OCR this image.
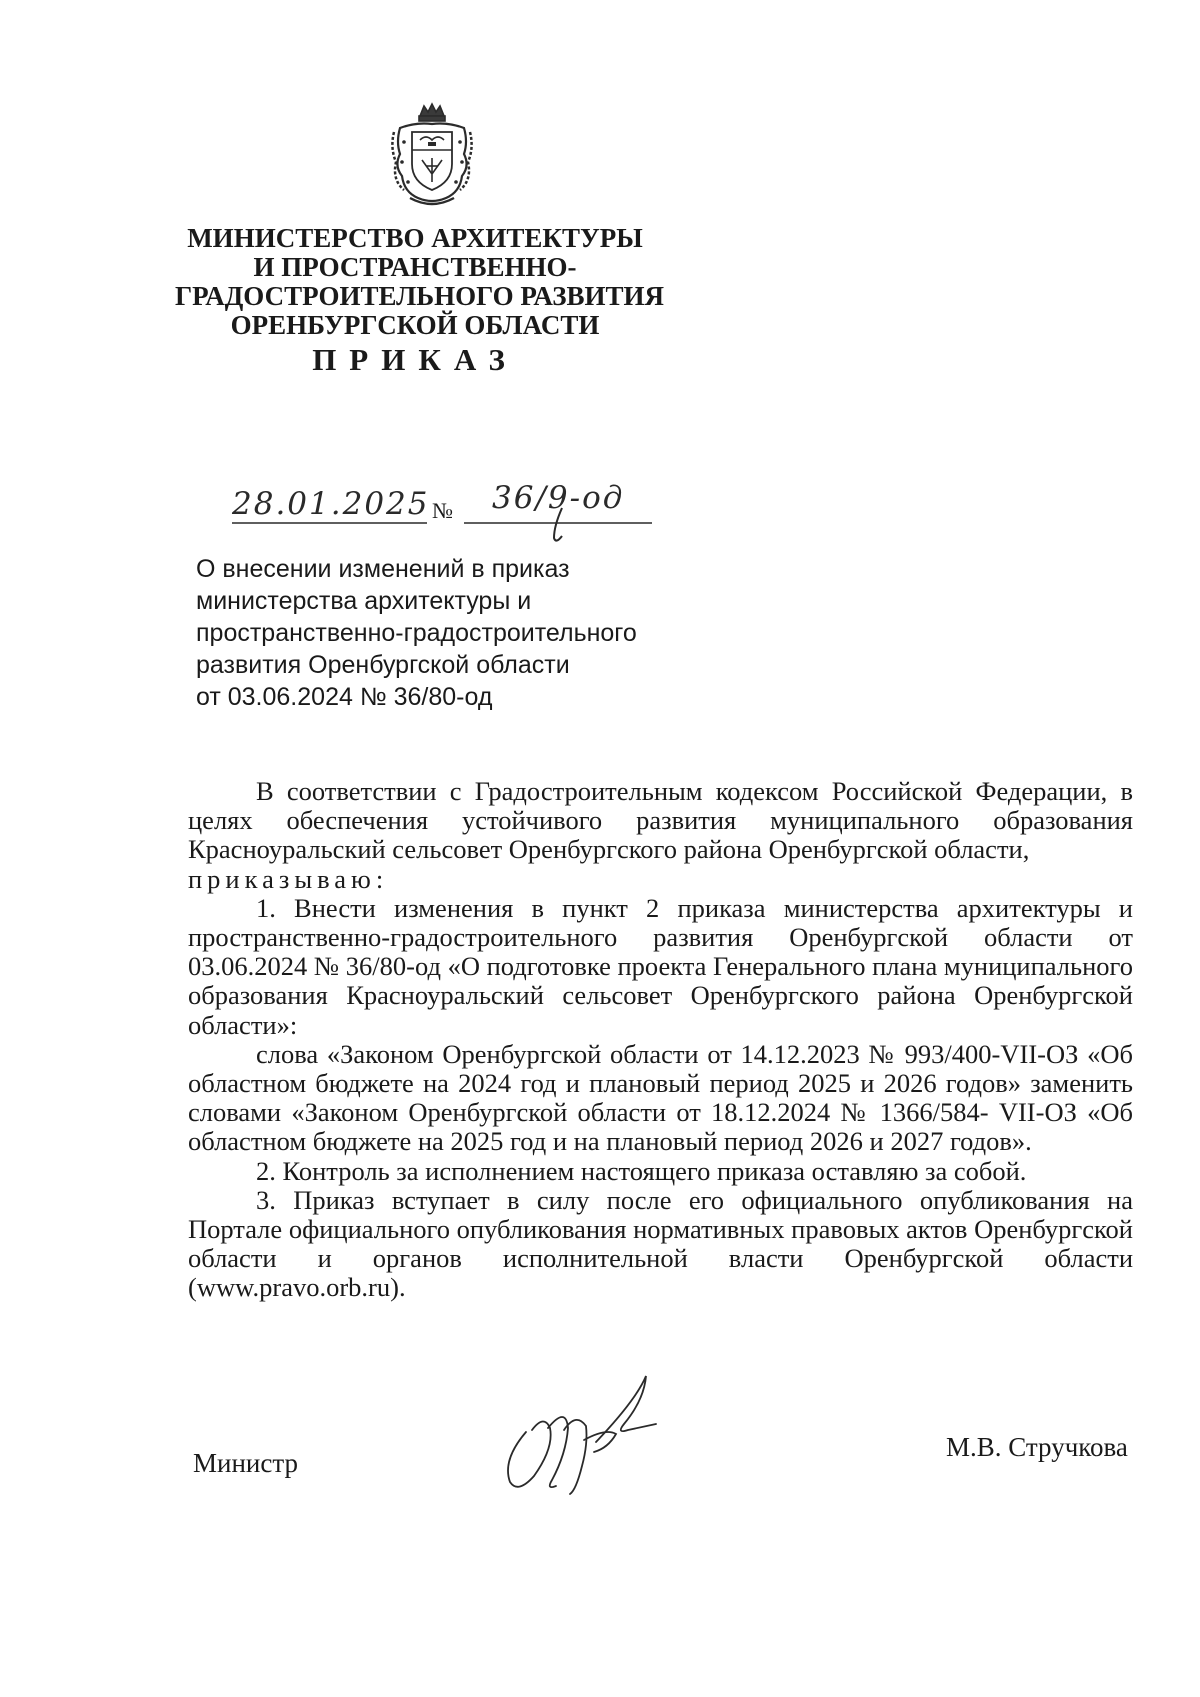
МИНИСТЕРСТВО АРХИТЕКТУРЫ
И ПРОСТРАНСТВЕННО-
ГРАДОСТРОИТЕЛЬНОГО РАЗВИТИЯ
ОРЕНБУРГСКОЙ ОБЛАСТИ
ПРИКАЗ
28.01.2025 № 36/9-од
О внесении изменений в приказ
министерства архитектуры и
пространственно-градостроительного
развития Оренбургской области
от 03.06.2024 № 36/80-од

В соответствии с Градостроительным кодексом Российской Федерации, в целях обеспечения устойчивого развития муниципального образования Красноуральский сельсовет Оренбургского района Оренбургской области,

приказываю:

1. Внести изменения в пункт 2 приказа министерства архитектуры и пространственно-градостроительного развития Оренбургской области от 03.06.2024 № 36/80-од «О подготовке проекта Генерального плана муниципального образования Красноуральский сельсовет Оренбургского района Оренбургской области»:

слова «Законом Оренбургской области от 14.12.2023 № 993/400-VII-ОЗ «Об областном бюджете на 2024 год и плановый период 2025 и 2026 годов» заменить словами «Законом Оренбургской области от 18.12.2024 № 1366/584- VII-ОЗ «Об областном бюджете на 2025 год и на плановый период 2026 и 2027 годов».

2. Контроль за исполнением настоящего приказа оставляю за собой.

3. Приказ вступает в силу после его официального опубликования на Портале официального опубликования нормативных правовых актов Оренбургской области и органов исполнительной власти Оренбургской области (www.pravo.orb.ru).

Министр
М.В. Стручкова
